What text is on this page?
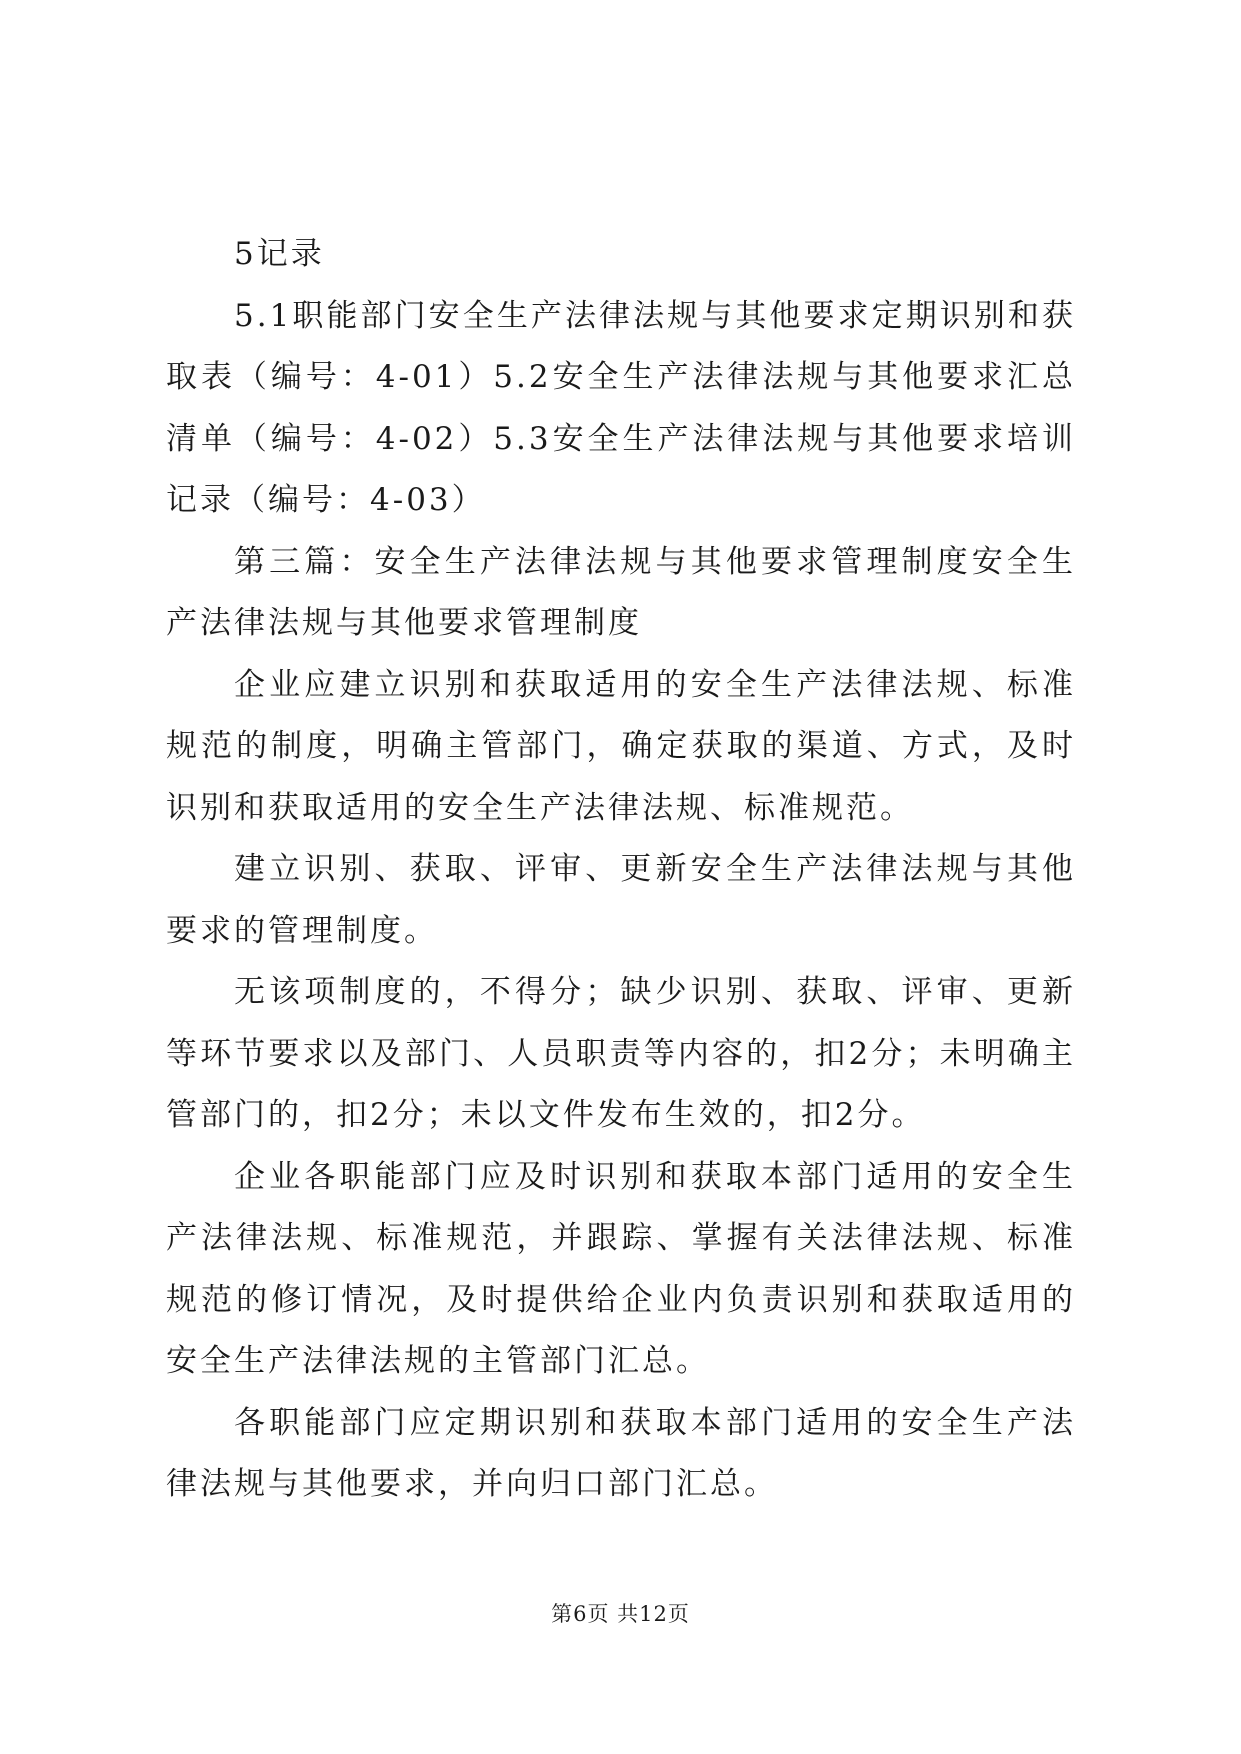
5记录

5.1职能部门安全生产法律法规与其他要求定期识别和获取表（编号：4-01）5.2安全生产法律法规与其他要求汇总清单（编号：4-02）5.3安全生产法律法规与其他要求培训记录（编号：4-03）

第三篇：安全生产法律法规与其他要求管理制度安全生产法律法规与其他要求管理制度

企业应建立识别和获取适用的安全生产法律法规、标准规范的制度，明确主管部门，确定获取的渠道、方式，及时识别和获取适用的安全生产法律法规、标准规范。

建立识别、获取、评审、更新安全生产法律法规与其他要求的管理制度。

无该项制度的，不得分；缺少识别、获取、评审、更新等环节要求以及部门、人员职责等内容的，扣2分；未明确主管部门的，扣2分；未以文件发布生效的，扣2分。

企业各职能部门应及时识别和获取本部门适用的安全生产法律法规、标准规范，并跟踪、掌握有关法律法规、标准规范的修订情况，及时提供给企业内负责识别和获取适用的安全生产法律法规的主管部门汇总。

各职能部门应定期识别和获取本部门适用的安全生产法律法规与其他要求，并向归口部门汇总。

第6页 共12页
